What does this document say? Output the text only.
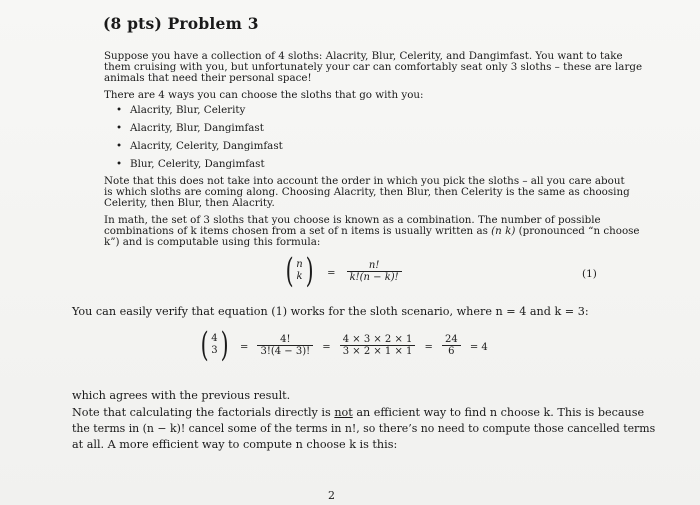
(8 pts) Problem 3
Suppose you have a collection of 4 sloths: Alacrity, Blur, Celerity, and Dangimfast. You want to take
them cruising with you, but unfortunately your car can comfortably seat only 3 sloths – these are large
animals that need their personal space!
There are 4 ways you can choose the sloths that go with you:
• Alacrity, Blur, Celerity
• Alacrity, Blur, Dangimfast
• Alacrity, Celerity, Dangimfast
• Blur, Celerity, Dangimfast
Note that this does not take into account the order in which you pick the sloths – all you care about
is which sloths are coming along. Choosing Alacrity, then Blur, then Celerity is the same as choosing
Celerity, then Blur, then Alacrity.
In math, the set of 3 sloths that you choose is known as a combination. The number of possible
combinations of k items chosen from a set of n items is usually written as (n k) (pronounced “n choose
k”) and is computable using this formula:
( n
k ) = $\frac{n!}{k!(n - k)!}$	(1)
You can easily verify that equation (1) works for the sloth scenario, where n = 4 and k = 3:
( 4
3 ) = $\frac{4!}{3!(4 - 3)!} = \frac{4 \times 3 \times 2 \times 1}{3 \times 2 \times 1 \times 1} = \frac{24}{6} = 4$
which agrees with the previous result.
Note that calculating the factorials directly is not an efficient way to find n choose k. This is because
the terms in (n − k)! cancel some of the terms in n!, so there’s no need to compute those cancelled terms
at all. A more efficient way to compute n choose k is this:
2
